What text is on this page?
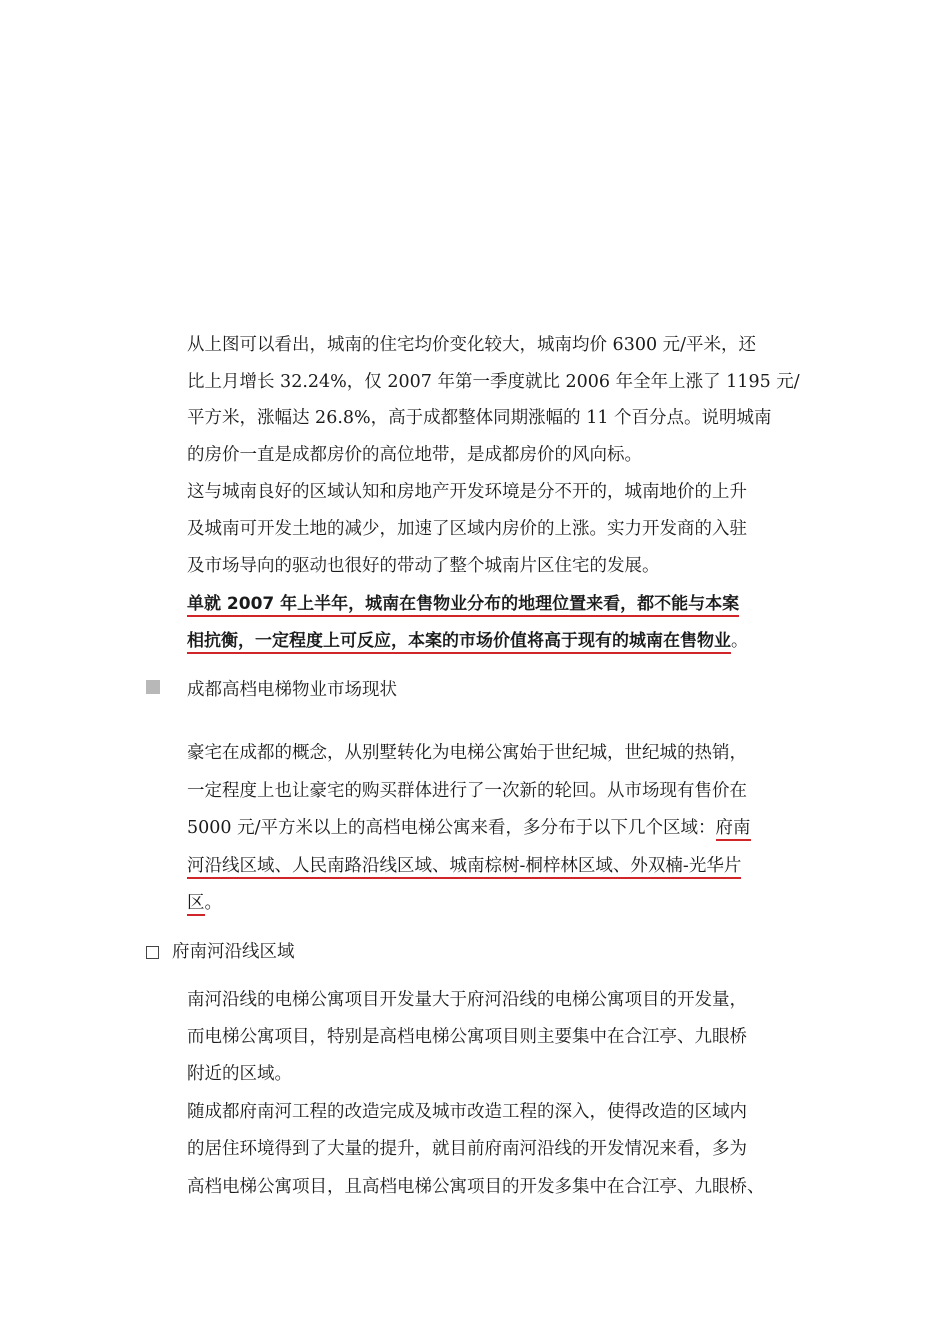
从上图可以看出，城南的住宅均价变化较大，城南均价 6300 元/平米，还
比上月增长 32.24%，仅 2007 年第一季度就比 2006 年全年上涨了 1195 元/
平方米，涨幅达 26.8%，高于成都整体同期涨幅的 11 个百分点。说明城南
的房价一直是成都房价的高位地带，是成都房价的风向标。
这与城南良好的区域认知和房地产开发环境是分不开的，城南地价的上升
及城南可开发土地的减少，加速了区域内房价的上涨。实力开发商的入驻
及市场导向的驱动也很好的带动了整个城南片区住宅的发展。
单就 2007 年上半年，城南在售物业分布的地理位置来看，都不能与本案
相抗衡，一定程度上可反应，本案的市场价值将高于现有的城南在售物业。
成都高档电梯物业市场现状
豪宅在成都的概念，从别墅转化为电梯公寓始于世纪城，世纪城的热销，
一定程度上也让豪宅的购买群体进行了一次新的轮回。从市场现有售价在
5000 元/平方米以上的高档电梯公寓来看，多分布于以下几个区域：府南
河沿线区域、人民南路沿线区域、城南棕树-桐梓林区域、外双楠-光华片
区。
府南河沿线区域
南河沿线的电梯公寓项目开发量大于府河沿线的电梯公寓项目的开发量，
而电梯公寓项目，特别是高档电梯公寓项目则主要集中在合江亭、九眼桥
附近的区域。
随成都府南河工程的改造完成及城市改造工程的深入，使得改造的区域内
的居住环境得到了大量的提升，就目前府南河沿线的开发情况来看，多为
高档电梯公寓项目，且高档电梯公寓项目的开发多集中在合江亭、九眼桥、
